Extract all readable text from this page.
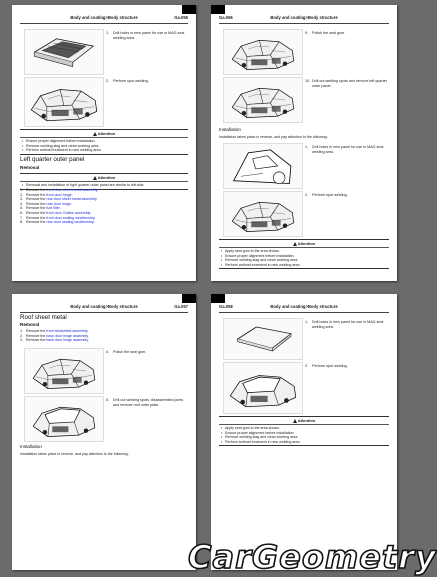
Body and coating>Body structure	Ga.055
1. Drill holes in new panel for use in MAG seal welding area.
2. Perform spot welding.
Attention
• Ensure proper alignment before installation.
• Remove welding slag and clean working area.
• Perform antirust treatment in new welding area.
Left quarter outer panel
Removal
Attention
• Removal and installation of right quarter outer panel are similar to left side.
1. Remove the front door sheet metal assembly.
2. Remove the front door hinge.
3. Remove the rear door sheet metal assembly.
4. Remove the rear door hinge.
5. Remove the fuel filler.
6. Remove the front door Outline assembly.
7. Remove the front door sealing weatherstrip.
8. Remove the rear door sealing weatherstrip.
Ga.056	Body and coating>Body structure
9. Polish the seal gum.
10. Drill out welding spots and remove left quarter outer panel.
Installation
Installation takes place in reverse, and pay attention to the following:
1. Drill holes in new panel for use in MAG seal welding area.
2. Perform spot welding.
Attention
• Apply seal gum to the area shown.
• Ensure proper alignment before installation.
• Remove welding slag and clean working area.
• Perform antirust treatment in new welding area.
Body and coating>Body structure	Ga.057
Roof sheet metal
Removal
1. Remove the front windshield assembly.
2. Remove the back door hinge assembly.
3. Remove the back door hinge assembly.
4. Polish the seal gum.
5. Drill out welding spots, disassembled joints and remove roof outer plate.
Installation
Installation takes place in reverse, and pay attention to the following:
Ga.058	Body and coating>Body structure
1. Drill holes in new panel for use in MAG seal welding area.
2. Perform spot welding.
Attention
• Apply seal gum to the area shown.
• Ensure proper alignment before installation.
• Remove welding slag and clean working area.
• Perform antirust treatment in new welding area.
CarGeometry
